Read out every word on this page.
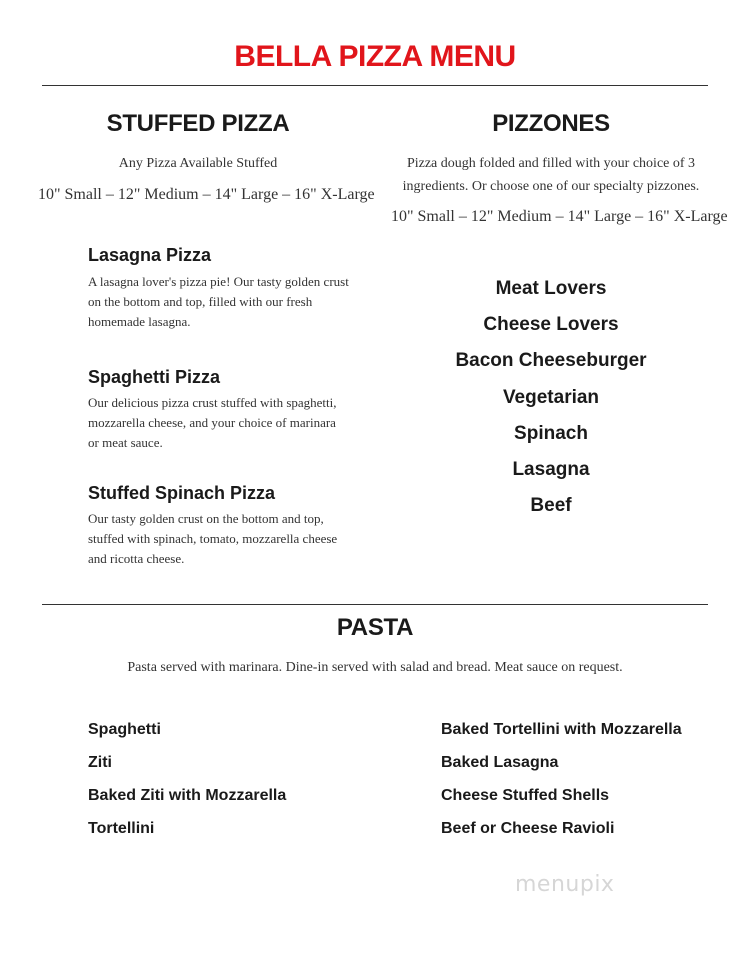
BELLA PIZZA MENU
STUFFED PIZZA
Any Pizza Available Stuffed
10" Small – 12" Medium – 14" Large – 16" X-Large
Lasagna Pizza
A lasagna lover's pizza pie! Our tasty golden crust on the bottom and top, filled with our fresh homemade lasagna.
Spaghetti Pizza
Our delicious pizza crust stuffed with spaghetti, mozzarella cheese, and your choice of marinara or meat sauce.
Stuffed Spinach Pizza
Our tasty golden crust on the bottom and top, stuffed with spinach, tomato, mozzarella cheese and ricotta cheese.
PIZZONES
Pizza dough folded and filled with your choice of 3 ingredients. Or choose one of our specialty pizzones.
10" Small – 12" Medium – 14" Large – 16" X-Large
Meat Lovers
Cheese Lovers
Bacon Cheeseburger
Vegetarian
Spinach
Lasagna
Beef
PASTA
Pasta served with marinara. Dine-in served with salad and bread. Meat sauce on request.
Spaghetti
Ziti
Baked Ziti with Mozzarella
Tortellini
Baked Tortellini with Mozzarella
Baked Lasagna
Cheese Stuffed Shells
Beef or Cheese Ravioli
menupix
